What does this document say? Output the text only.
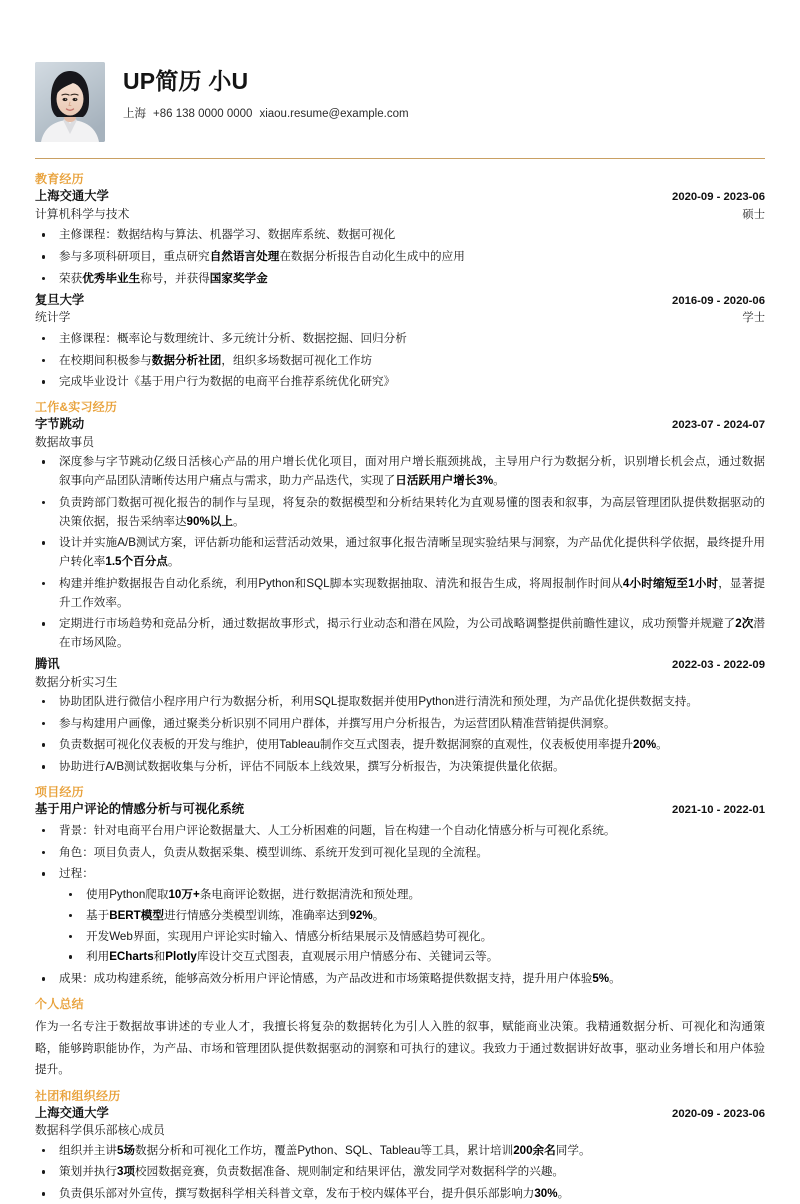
UP简历 小U
上海 +86 138 0000 0000 xiaou.resume@example.com
教育经历
上海交通大学	2020-09 - 2023-06
计算机科学与技术	硕士
主修课程：数据结构与算法、机器学习、数据库系统、数据可视化
参与多项科研项目，重点研究自然语言处理在数据分析报告自动化生成中的应用
荣获优秀毕业生称号，并获得国家奖学金
复旦大学	2016-09 - 2020-06
统计学	学士
主修课程：概率论与数理统计、多元统计分析、数据挖掘、回归分析
在校期间积极参与数据分析社团，组织多场数据可视化工作坊
完成毕业设计《基于用户行为数据的电商平台推荐系统优化研究》
工作&实习经历
字节跳动	2023-07 - 2024-07
数据故事员
深度参与字节跳动亿级日活核心产品的用户增长优化项目，面对用户增长瓶颈挑战，主导用户行为数据分析，识别增长机会点，通过数据叙事向产品团队清晰传达用户痛点与需求，助力产品迭代，实现了日活跃用户增长3%。
负责跨部门数据可视化报告的制作与呈现，将复杂的数据模型和分析结果转化为直观易懂的图表和叙事，为高层管理团队提供数据驱动的决策依据，报告采纳率达90%以上。
设计并实施A/B测试方案，评估新功能和运营活动效果，通过叙事化报告清晰呈现实验结果与洞察，为产品优化提供科学依据，最终提升用户转化率1.5个百分点。
构建并维护数据报告自动化系统，利用Python和SQL脚本实现数据抽取、清洗和报告生成，将周报制作时间从4小时缩短至1小时，显著提升工作效率。
定期进行市场趋势和竞品分析，通过数据故事形式，揭示行业动态和潜在风险，为公司战略调整提供前瞻性建议，成功预警并规避了2次潜在市场风险。
腾讯	2022-03 - 2022-09
数据分析实习生
协助团队进行微信小程序用户行为数据分析，利用SQL提取数据并使用Python进行清洗和预处理，为产品优化提供数据支持。
参与构建用户画像，通过聚类分析识别不同用户群体，并撰写用户分析报告，为运营团队精准营销提供洞察。
负责数据可视化仪表板的开发与维护，使用Tableau制作交互式图表，提升数据洞察的直观性，仪表板使用率提升20%。
协助进行A/B测试数据收集与分析，评估不同版本上线效果，撰写分析报告，为决策提供量化依据。
项目经历
基于用户评论的情感分析与可视化系统	2021-10 - 2022-01
背景：针对电商平台用户评论数据量大、人工分析困难的问题，旨在构建一个自动化情感分析与可视化系统。
角色：项目负责人，负责从数据采集、模型训练、系统开发到可视化呈现的全流程。
过程：
使用Python爬取10万+条电商评论数据，进行数据清洗和预处理。
基于BERT模型进行情感分类模型训练，准确率达到92%。
开发Web界面，实现用户评论实时输入、情感分析结果展示及情感趋势可视化。
利用ECharts和Plotly库设计交互式图表，直观展示用户情感分布、关键词云等。
成果：成功构建系统，能够高效分析用户评论情感，为产品改进和市场策略提供数据支持，提升用户体验5%。
个人总结

作为一名专注于数据故事讲述的专业人才，我擅长将复杂的数据转化为引人入胜的叙事，赋能商业决策。我精通数据分析、可视化和沟通策略，能够跨职能协作，为产品、市场和管理团队提供数据驱动的洞察和可执行的建议。我致力于通过数据讲好故事，驱动业务增长和用户体验提升。

社团和组织经历
上海交通大学	2020-09 - 2023-06
数据科学俱乐部核心成员
组织并主讲5场数据分析和可视化工作坊，覆盖Python、SQL、Tableau等工具，累计培训200余名同学。
策划并执行3项校园数据竞赛，负责数据准备、规则制定和结果评估，激发同学对数据科学的兴趣。
负责俱乐部对外宣传，撰写数据科学相关科普文章，发布于校内媒体平台，提升俱乐部影响力30%。
